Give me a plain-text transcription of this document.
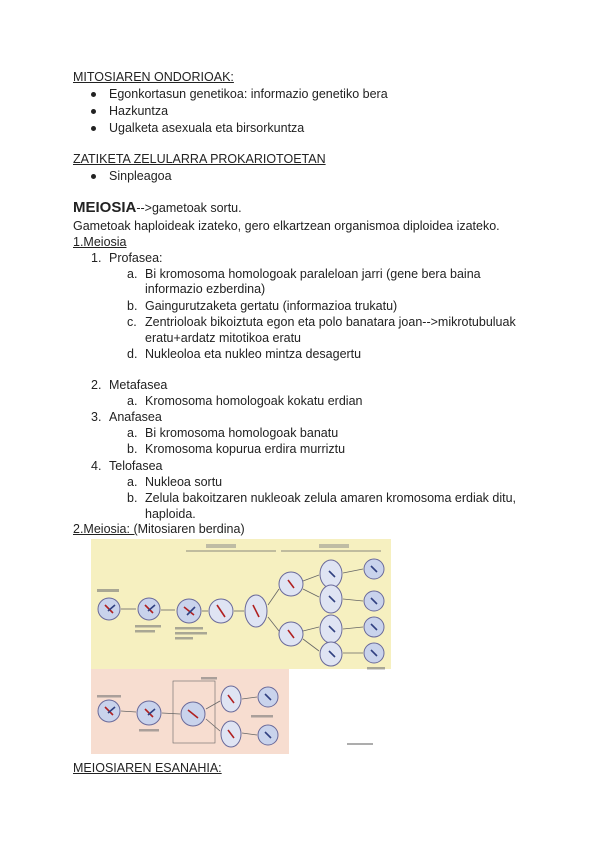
MITOSIAREN ONDORIOAK:
Egonkortasun genetikoa: informazio genetiko bera
Hazkuntza
Ugalketa asexuala eta birsorkuntza
ZATIKETA ZELULARRA PROKARIOTOETAN
Sinpleagoa
MEIOSIA-->gametoak sortu.
Gametoak haploideak izateko, gero elkartzean organismoa diploidea izateko.
1.Meiosia
1. Profasea:
a. Bi kromosoma homologoak paraleloan jarri (gene bera baina
informazio ezberdina)
b. Gaingurutzaketa gertatu (informazioa trukatu)
c. Zentrioloak bikoiztuta egon eta polo banatara joan-->mikrotubuluak
eratu+ardatz mitotikoa eratu
d. Nukleoloa eta nukleo mintza desagertu
2. Metafasea
a. Kromosoma homologoak kokatu erdian
3. Anafasea
a. Bi kromosoma homologoak banatu
b. Kromosoma kopurua erdira murriztu
4. Telofasea
a. Nukleoa sortu
b. Zelula bakoitzaren nukleoak zelula amaren kromosoma erdiak ditu,
haploida.
2.Meiosia: (Mitosiaren berdina)
MEIOSIAREN ESANAHIA:
